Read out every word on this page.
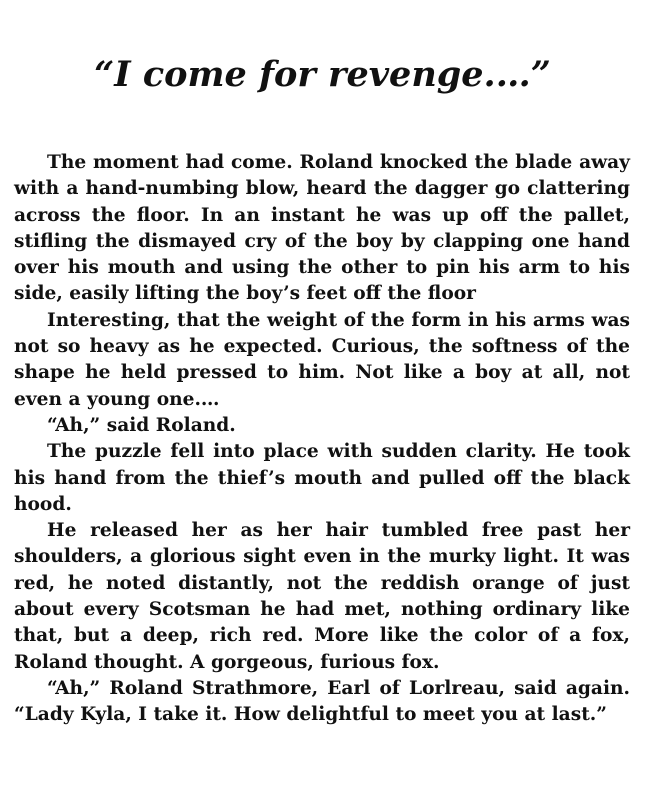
“I come for revenge.…”

The moment had come. Roland knocked the blade away with a hand-numbing blow, heard the dagger go clattering across the floor. In an instant he was up off the pallet, stifling the dismayed cry of the boy by clapping one hand over his mouth and using the other to pin his arm to his side, easily lifting the boy’s feet off the floor

Interesting, that the weight of the form in his arms was not so heavy as he expected. Curious, the softness of the shape he held pressed to him. Not like a boy at all, not even a young one.…

“Ah,” said Roland.

The puzzle fell into place with sudden clarity. He took his hand from the thief’s mouth and pulled off the black hood.

He released her as her hair tumbled free past her shoulders, a glorious sight even in the murky light. It was red, he noted distantly, not the reddish orange of just about every Scotsman he had met, nothing ordinary like that, but a deep, rich red. More like the color of a fox, Roland thought. A gorgeous, furious fox.

“Ah,” Roland Strathmore, Earl of Lorlreau, said again. “Lady Kyla, I take it. How delightful to meet you at last.”
